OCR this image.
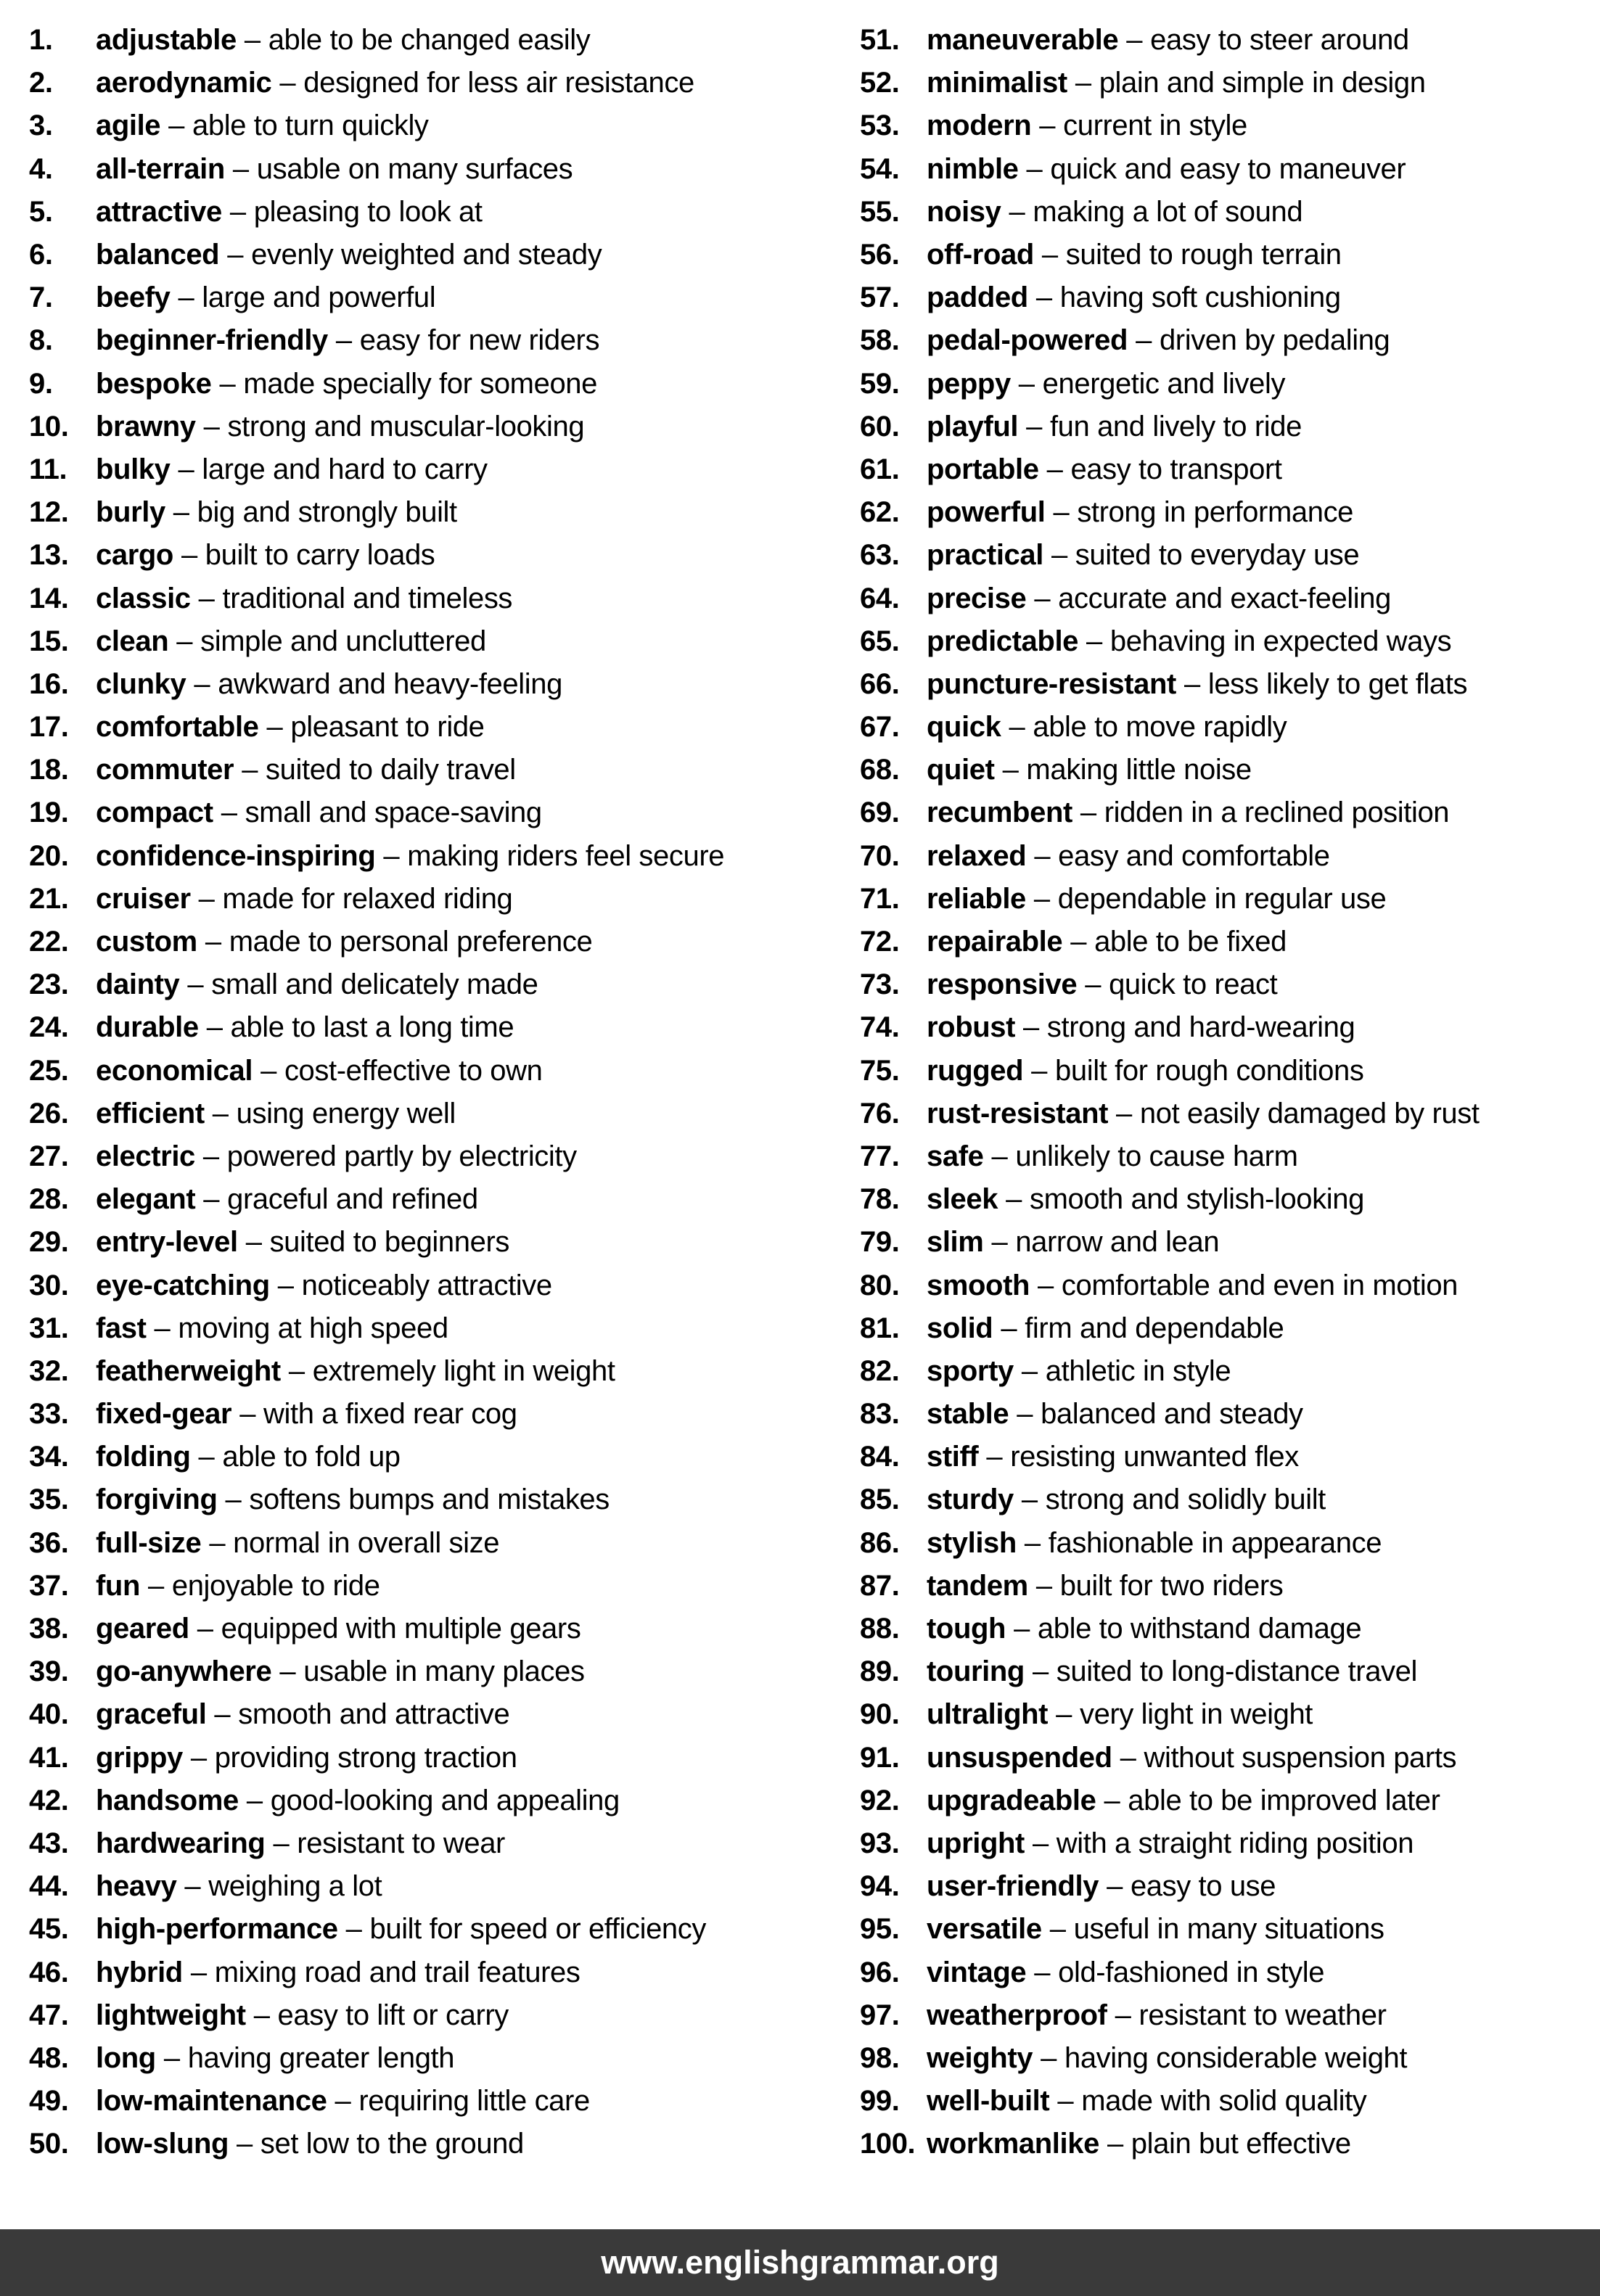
1.	adjustable – able to be changed easily
2.	aerodynamic – designed for less air resistance
3.	agile – able to turn quickly
4.	all-terrain – usable on many surfaces
5.	attractive – pleasing to look at
6.	balanced – evenly weighted and steady
7.	beefy – large and powerful
8.	beginner-friendly – easy for new riders
9.	bespoke – made specially for someone
10. brawny – strong and muscular-looking
11. bulky – large and hard to carry
12. burly – big and strongly built
13. cargo – built to carry loads
14. classic – traditional and timeless
15. clean – simple and uncluttered
16. clunky – awkward and heavy-feeling
17. comfortable – pleasant to ride
18. commuter – suited to daily travel
19. compact – small and space-saving
20. confidence-inspiring – making riders feel secure
21. cruiser – made for relaxed riding
22. custom – made to personal preference
23. dainty – small and delicately made
24. durable – able to last a long time
25. economical – cost-effective to own
26. efficient – using energy well
27. electric – powered partly by electricity
28. elegant – graceful and refined
29. entry-level – suited to beginners
30. eye-catching – noticeably attractive
31. fast – moving at high speed
32. featherweight – extremely light in weight
33. fixed-gear – with a fixed rear cog
34. folding – able to fold up
35. forgiving – softens bumps and mistakes
36. full-size – normal in overall size
37. fun – enjoyable to ride
38. geared – equipped with multiple gears
39. go-anywhere – usable in many places
40. graceful – smooth and attractive
41. grippy – providing strong traction
42. handsome – good-looking and appealing
43. hardwearing – resistant to wear
44. heavy – weighing a lot
45. high-performance – built for speed or efficiency
46. hybrid – mixing road and trail features
47. lightweight – easy to lift or carry
48. long – having greater length
49. low-maintenance – requiring little care
50. low-slung – set low to the ground
51. maneuverable – easy to steer around
52. minimalist – plain and simple in design
53. modern – current in style
54. nimble – quick and easy to maneuver
55. noisy – making a lot of sound
56. off-road – suited to rough terrain
57. padded – having soft cushioning
58. pedal-powered – driven by pedaling
59. peppy – energetic and lively
60. playful – fun and lively to ride
61. portable – easy to transport
62. powerful – strong in performance
63. practical – suited to everyday use
64. precise – accurate and exact-feeling
65. predictable – behaving in expected ways
66. puncture-resistant – less likely to get flats
67. quick – able to move rapidly
68. quiet – making little noise
69. recumbent – ridden in a reclined position
70. relaxed – easy and comfortable
71. reliable – dependable in regular use
72. repairable – able to be fixed
73. responsive – quick to react
74. robust – strong and hard-wearing
75. rugged – built for rough conditions
76. rust-resistant – not easily damaged by rust
77. safe – unlikely to cause harm
78. sleek – smooth and stylish-looking
79. slim – narrow and lean
80. smooth – comfortable and even in motion
81. solid – firm and dependable
82. sporty – athletic in style
83. stable – balanced and steady
84. stiff – resisting unwanted flex
85. sturdy – strong and solidly built
86. stylish – fashionable in appearance
87. tandem – built for two riders
88. tough – able to withstand damage
89. touring – suited to long-distance travel
90. ultralight – very light in weight
91. unsuspended – without suspension parts
92. upgradeable – able to be improved later
93. upright – with a straight riding position
94. user-friendly – easy to use
95. versatile – useful in many situations
96. vintage – old-fashioned in style
97. weatherproof – resistant to weather
98. weighty – having considerable weight
99. well-built – made with solid quality
100. workmanlike – plain but effective
www.englishgrammar.org
